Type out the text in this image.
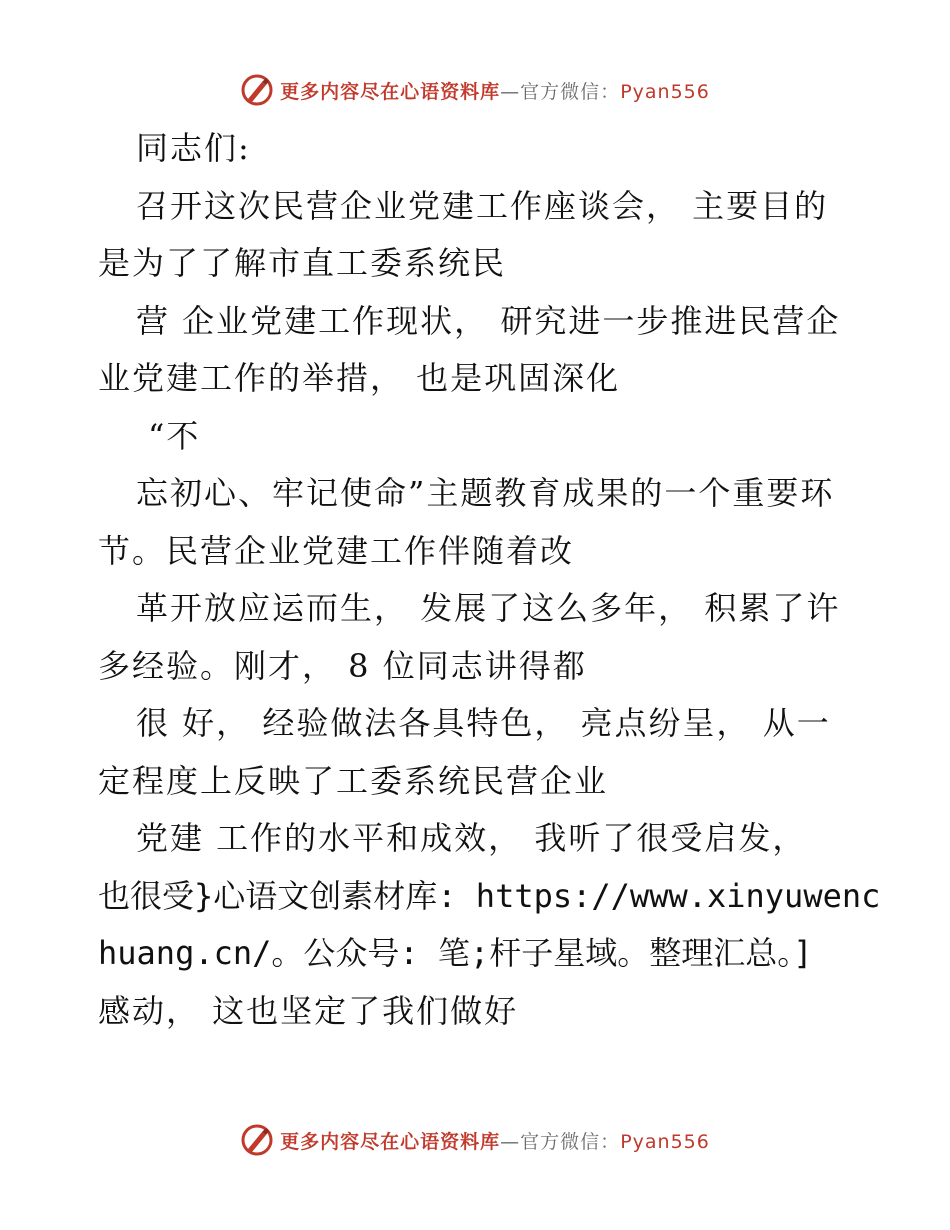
更多内容尽在心语资料库—官方微信：Pyan556
同志们:
召开这次民营企业党建工作座谈会， 主要目的
是为了了解市直工委系统民
营 企业党建工作现状， 研究进一步推进民营企
业党建工作的举措， 也是巩固深化
“不
忘初心、牢记使命”主题教育成果的一个重要环
节。民营企业党建工作伴随着改
革开放应运而生， 发展了这么多年， 积累了许
多经验。刚才， 8 位同志讲得都
很 好， 经验做法各具特色， 亮点纷呈， 从一
定程度上反映了工委系统民营企业
党建 工作的水平和成效， 我听了很受启发，
也很受}心语文创素材库: https://www.xinyuwenc
huang.cn/。公众号: 笔;杆子星域。整理汇总。]
感动， 这也坚定了我们做好
更多内容尽在心语资料库—官方微信：Pyan556
